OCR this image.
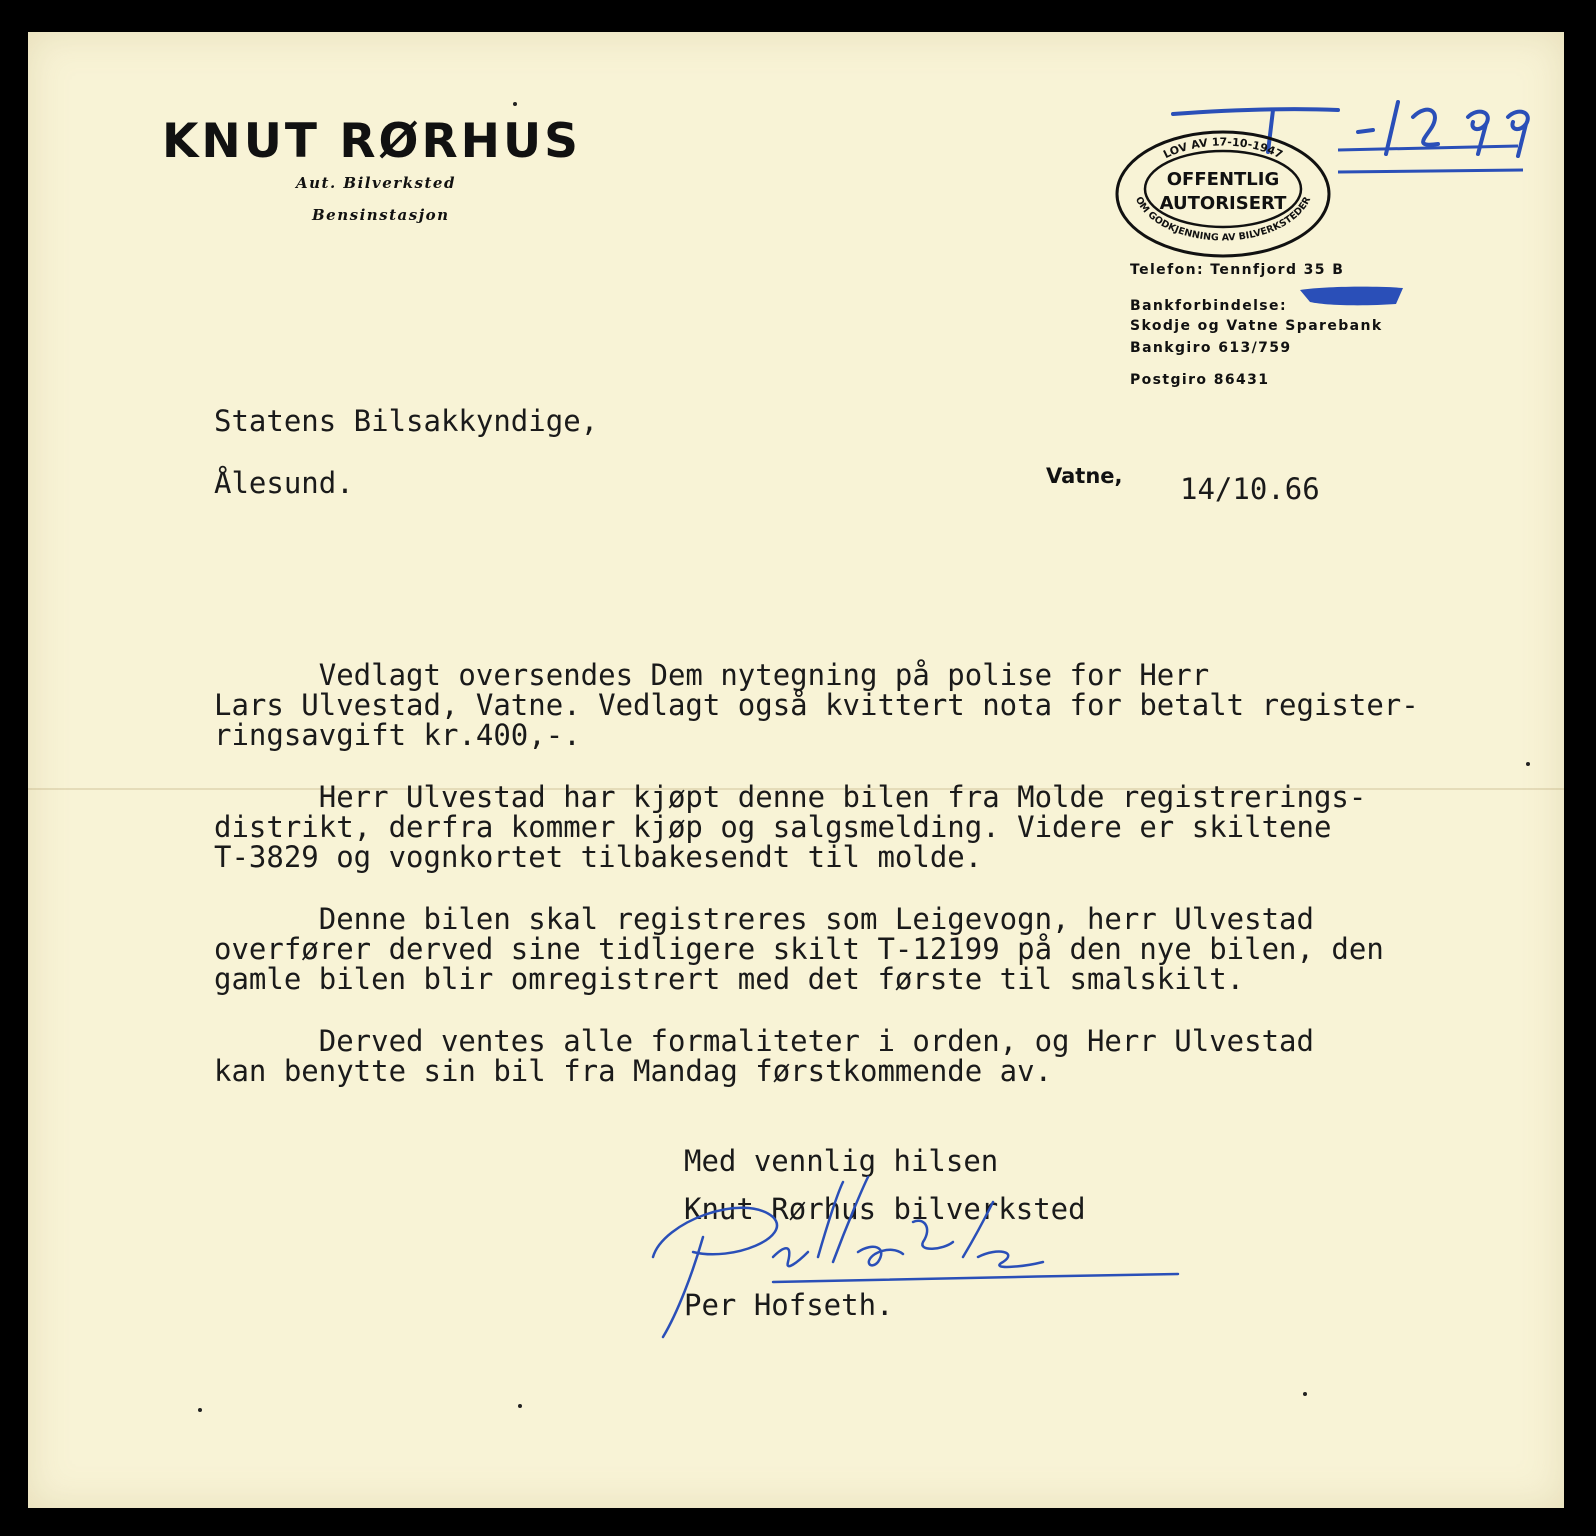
KNUT RØRHUS
Aut. Bilverksted
Bensinstasjon
T-12199
LOV AV 17-10-1947
OFFENTLIG
AUTORISERT
OM GODKJENNING AV BILVERKSTEDER
Telefon: Tennfjord 35 B
Bankforbindelse:
Skodje og Vatne Sparebank
Bankgiro 613/759
Postgiro 86431
Statens Bilsakkyndige,
Ålesund.	Vatne, 14/10.66
Vedlagt oversendes Dem nytegning på polise for Herr
Lars Ulvestad, Vatne. Vedlagt også kvittert nota for betalt register-
ringsavgift kr.400,-.
Herr Ulvestad har kjøpt denne bilen fra Molde registrerings-
distrikt, derfra kommer kjøp og salgsmelding. Videre er skiltene
T-3829 og vognkortet tilbakesendt til molde.
Denne bilen skal registreres som Leigevogn, herr Ulvestad
overfører derved sine tidligere skilt T-12199 på den nye bilen, den
gamle bilen blir omregistrert med det første til smalskilt.
Derved ventes alle formaliteter i orden, og Herr Ulvestad
kan benytte sin bil fra Mandag førstkommende av.
Med vennlig hilsen
Knut Rørhus bilverksted
Per Hofseth.
